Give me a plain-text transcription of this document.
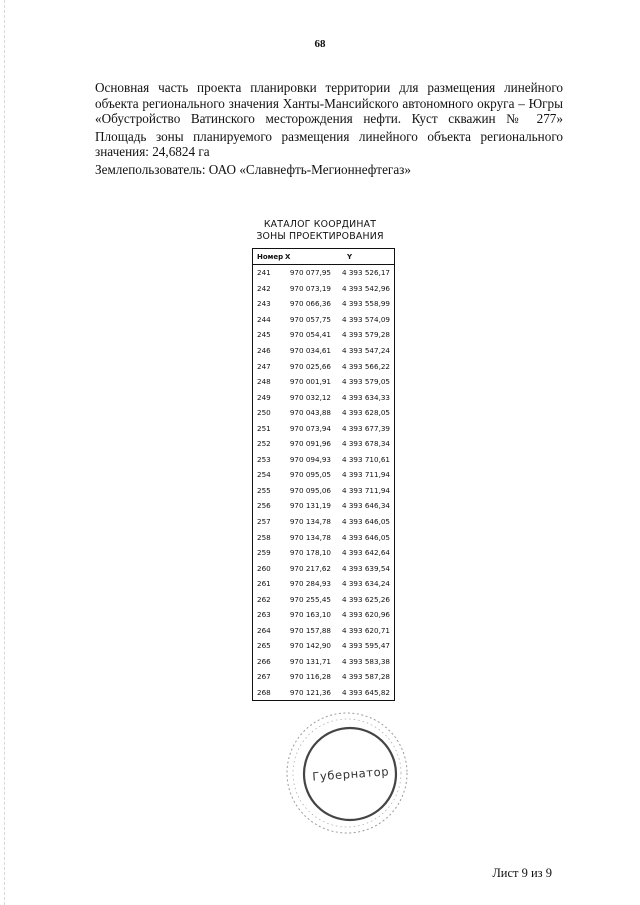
68

Основная часть проекта планировки территории для размещения линейного объекта регионального значения Ханты-Мансийского автономного округа – Югры «Обустройство Ватинского месторождения нефти. Куст скважин № 277»

Площадь зоны планируемого размещения линейного объекта регионального значения: 24,6824 га

Землепользователь: ОАО «Славнефть-Мегионнефтегаз»

КАТАЛОГ КООРДИНАТ
ЗОНЫ ПРОЕКТИРОВАНИЯ
Номер X	Y
241	970 077,95	4 393 526,17
242	970 073,19	4 393 542,96
243	970 066,36	4 393 558,99
244	970 057,75	4 393 574,09
245	970 054,41	4 393 579,28
246	970 034,61	4 393 547,24
247	970 025,66	4 393 566,22
248	970 001,91	4 393 579,05
249	970 032,12	4 393 634,33
250	970 043,88	4 393 628,05
251	970 073,94	4 393 677,39
252	970 091,96	4 393 678,34
253	970 094,93	4 393 710,61
254	970 095,05	4 393 711,94
255	970 095,06	4 393 711,94
256	970 131,19	4 393 646,34
257	970 134,78	4 393 646,05
258	970 134,78	4 393 646,05
259	970 178,10	4 393 642,64
260	970 217,62	4 393 639,54
261	970 284,93	4 393 634,24
262	970 255,45	4 393 625,26
263	970 163,10	4 393 620,96
264	970 157,88	4 393 620,71
265	970 142,90	4 393 595,47
266	970 131,71	4 393 583,38
267	970 116,28	4 393 587,28
268	970 121,36	4 393 645,82
Губернатор
Лист 9 из 9
